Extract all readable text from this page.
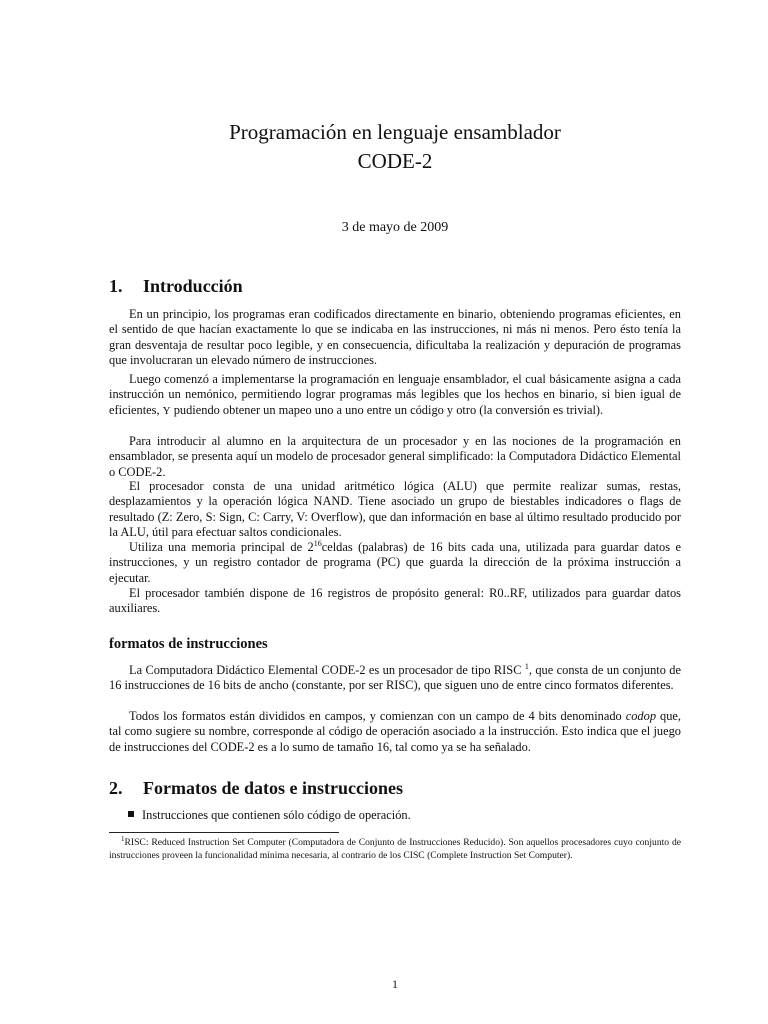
Programación en lenguaje ensamblador
CODE-2
3 de mayo de 2009
1. Introducción
En un principio, los programas eran codificados directamente en binario, obteniendo programas eficientes, en el sentido de que hacían exactamente lo que se indicaba en las instrucciones, ni más ni menos. Pero ésto tenía la gran desventaja de resultar poco legible, y en consecuencia, dificultaba la realización y depuración de programas que involucraran un elevado número de instrucciones.
Luego comenzó a implementarse la programación en lenguaje ensamblador, el cual básicamente asigna a cada instrucción un nemónico, permitiendo lograr programas más legibles que los hechos en binario, si bien igual de eficientes, Y pudiendo obtener un mapeo uno a uno entre un código y otro (la conversión es trivial).
Para introducir al alumno en la arquitectura de un procesador y en las nociones de la programación en ensamblador, se presenta aquí un modelo de procesador general simplificado: la Computadora Didáctico Elemental o CODE-2.
El procesador consta de una unidad aritmético lógica (ALU) que permite realizar sumas, restas, desplazamientos y la operación lógica NAND. Tiene asociado un grupo de biestables indicadores o flags de resultado (Z: Zero, S: Sign, C: Carry, V: Overflow), que dan información en base al último resultado producido por la ALU, útil para efectuar saltos condicionales.
Utiliza una memoria principal de $2^{16}celdas$ (palabras) de 16 bits cada una, utilizada para guardar datos e instrucciones, y un registro contador de programa (PC) que guarda la dirección de la próxima instrucción a ejecutar.
El procesador también dispone de 16 registros de propósito general: R0..RF, utilizados para guardar datos auxiliares.
formatos de instrucciones
La Computadora Didáctico Elemental CODE-2 es un procesador de tipo RISC $^1$, que consta de un conjunto de 16 instrucciones de 16 bits de ancho (constante, por ser RISC), que siguen uno de entre cinco formatos diferentes.
Todos los formatos están divididos en campos, y comienzan con un campo de 4 bits denominado codop que, tal como sugiere su nombre, corresponde al código de operación asociado a la instrucción. Esto indica que el juego de instrucciones del CODE-2 es a lo sumo de tamaño 16, tal como ya se ha señalado.
2. Formatos de datos e instrucciones
Instrucciones que contienen sólo código de operación.
$^1$RISC: Reduced Instruction Set Computer (Computadora de Conjunto de Instrucciones Reducido). Son aquellos procesadores cuyo conjunto de instrucciones proveen la funcionalidad mínima necesaria, al contrario de los CISC (Complete Instruction Set Computer).
1
